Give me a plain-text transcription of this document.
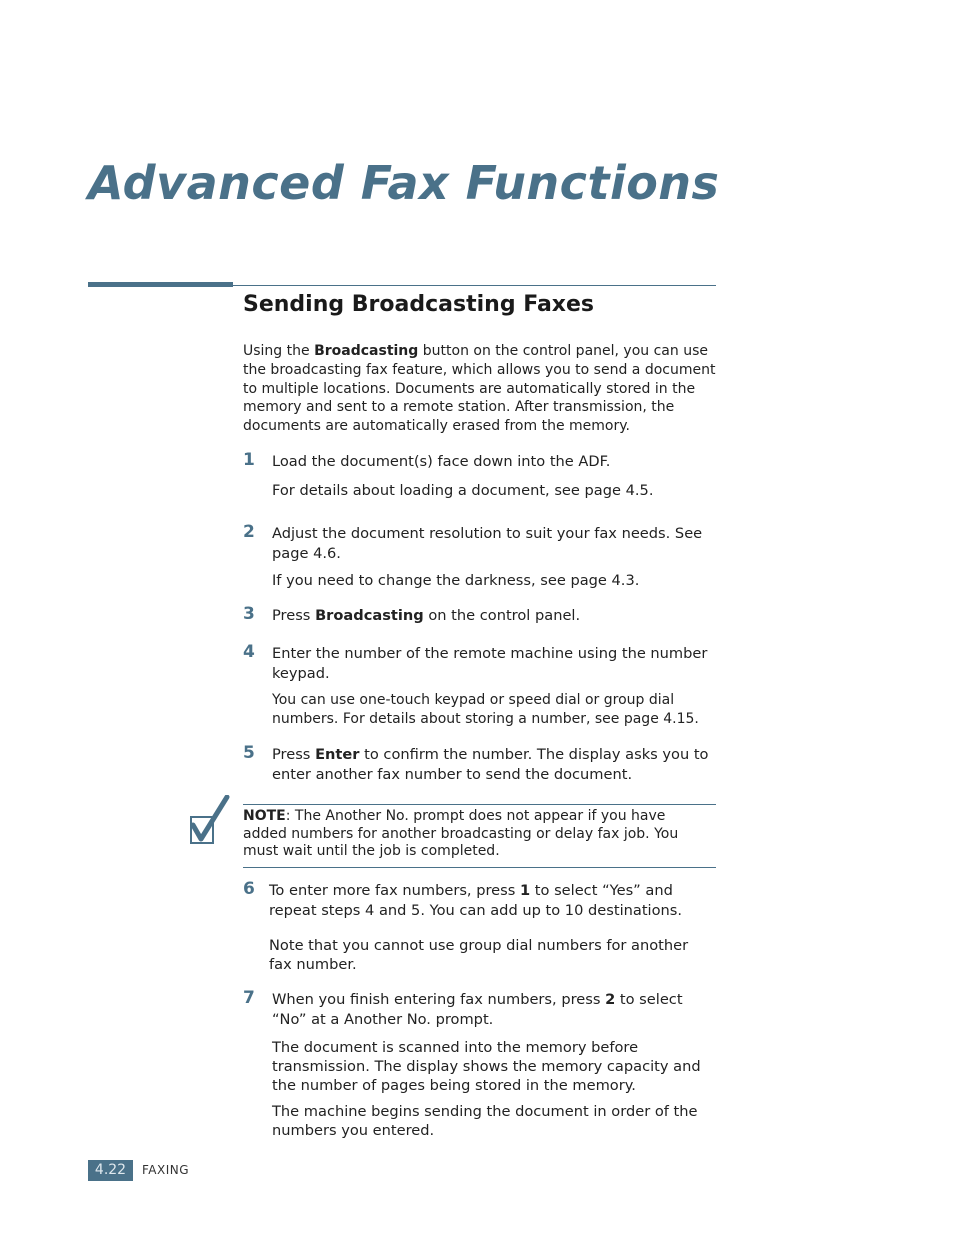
Advanced Fax Functions
Sending Broadcasting Faxes
Using the Broadcasting button on the control panel, you can use the broadcasting fax feature, which allows you to send a document to multiple locations. Documents are automatically stored in the memory and sent to a remote station. After transmission, the documents are automatically erased from the memory.
1 Load the document(s) face down into the ADF.
For details about loading a document, see page 4.5.
2 Adjust the document resolution to suit your fax needs. See page 4.6.
If you need to change the darkness, see page 4.3.
3 Press Broadcasting on the control panel.
4 Enter the number of the remote machine using the number keypad.
You can use one-touch keypad or speed dial or group dial numbers. For details about storing a number, see page 4.15.
5 Press Enter to confirm the number. The display asks you to enter another fax number to send the document.
NOTE: The Another No. prompt does not appear if you have added numbers for another broadcasting or delay fax job. You must wait until the job is completed.
6 To enter more fax numbers, press 1 to select “Yes” and repeat steps 4 and 5. You can add up to 10 destinations.
Note that you cannot use group dial numbers for another fax number.
7 When you finish entering fax numbers, press 2 to select “No” at a Another No. prompt.
The document is scanned into the memory before transmission. The display shows the memory capacity and the number of pages being stored in the memory.
The machine begins sending the document in order of the numbers you entered.
4.22	FAXING
